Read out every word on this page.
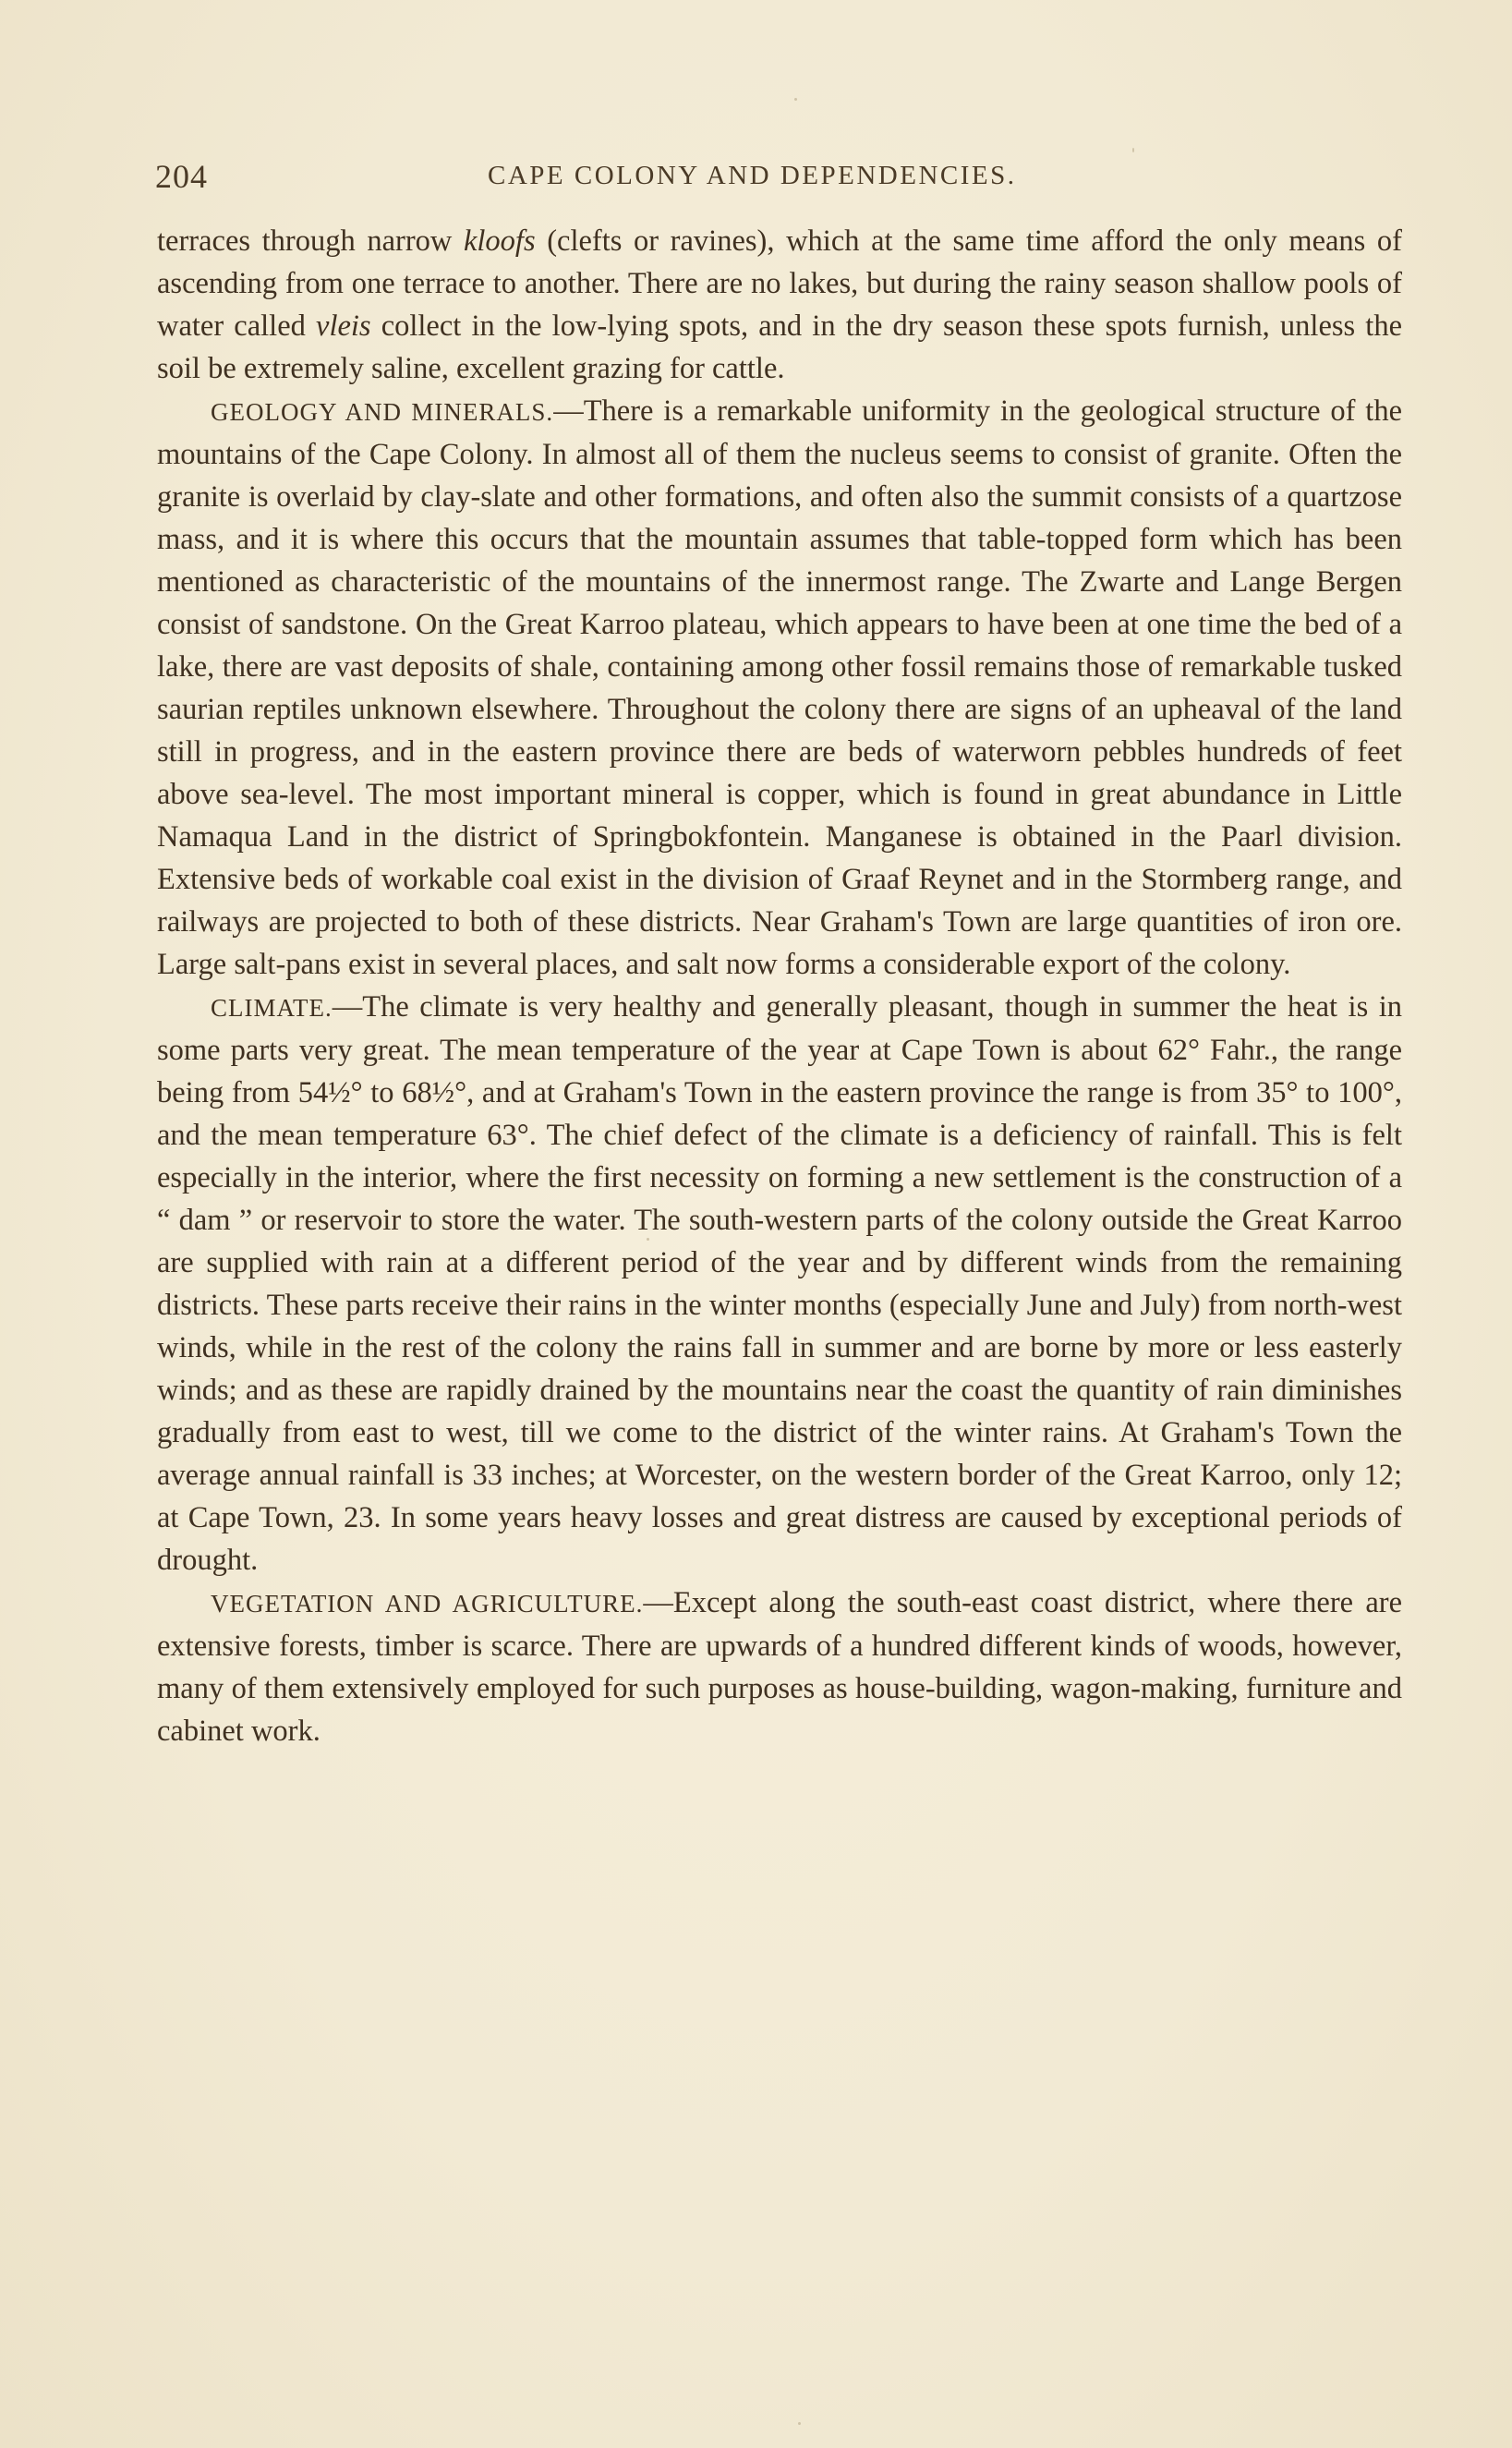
204	CAPE COLONY AND DEPENDENCIES.

terraces through narrow kloofs (clefts or ravines), which at the same time afford the only means of ascending from one terrace to another. There are no lakes, but during the rainy season shallow pools of water called vleis collect in the low-lying spots, and in the dry season these spots furnish, unless the soil be extremely saline, excellent grazing for cattle.

GEOLOGY AND MINERALS.—There is a remarkable uniformity in the geological structure of the mountains of the Cape Colony. In almost all of them the nucleus seems to consist of granite. Often the granite is overlaid by clay-slate and other formations, and often also the summit consists of a quartzose mass, and it is where this occurs that the mountain assumes that table-topped form which has been mentioned as characteristic of the mountains of the innermost range. The Zwarte and Lange Bergen consist of sandstone. On the Great Karroo plateau, which appears to have been at one time the bed of a lake, there are vast deposits of shale, containing among other fossil remains those of remarkable tusked saurian reptiles unknown elsewhere. Throughout the colony there are signs of an upheaval of the land still in progress, and in the eastern province there are beds of waterworn pebbles hundreds of feet above sea-level. The most important mineral is copper, which is found in great abundance in Little Namaqua Land in the district of Springbokfontein. Manganese is obtained in the Paarl division. Extensive beds of workable coal exist in the division of Graaf Reynet and in the Stormberg range, and railways are projected to both of these districts. Near Graham's Town are large quantities of iron ore. Large salt-pans exist in several places, and salt now forms a considerable export of the colony.

CLIMATE.—The climate is very healthy and generally pleasant, though in summer the heat is in some parts very great. The mean temperature of the year at Cape Town is about 62° Fahr., the range being from 54½° to 68½°, and at Graham's Town in the eastern province the range is from 35° to 100°, and the mean temperature 63°. The chief defect of the climate is a deficiency of rainfall. This is felt especially in the interior, where the first necessity on forming a new settlement is the construction of a “ dam ” or reservoir to store the water. The south-western parts of the colony outside the Great Karroo are supplied with rain at a different period of the year and by different winds from the remaining districts. These parts receive their rains in the winter months (especially June and July) from north-west winds, while in the rest of the colony the rains fall in summer and are borne by more or less easterly winds; and as these are rapidly drained by the mountains near the coast the quantity of rain diminishes gradually from east to west, till we come to the district of the winter rains. At Graham's Town the average annual rainfall is 33 inches; at Worcester, on the western border of the Great Karroo, only 12; at Cape Town, 23. In some years heavy losses and great distress are caused by exceptional periods of drought.

VEGETATION AND AGRICULTURE.—Except along the south-east coast district, where there are extensive forests, timber is scarce. There are upwards of a hundred different kinds of woods, however, many of them extensively employed for such purposes as house-building, wagon-making, furniture and cabinet work.
